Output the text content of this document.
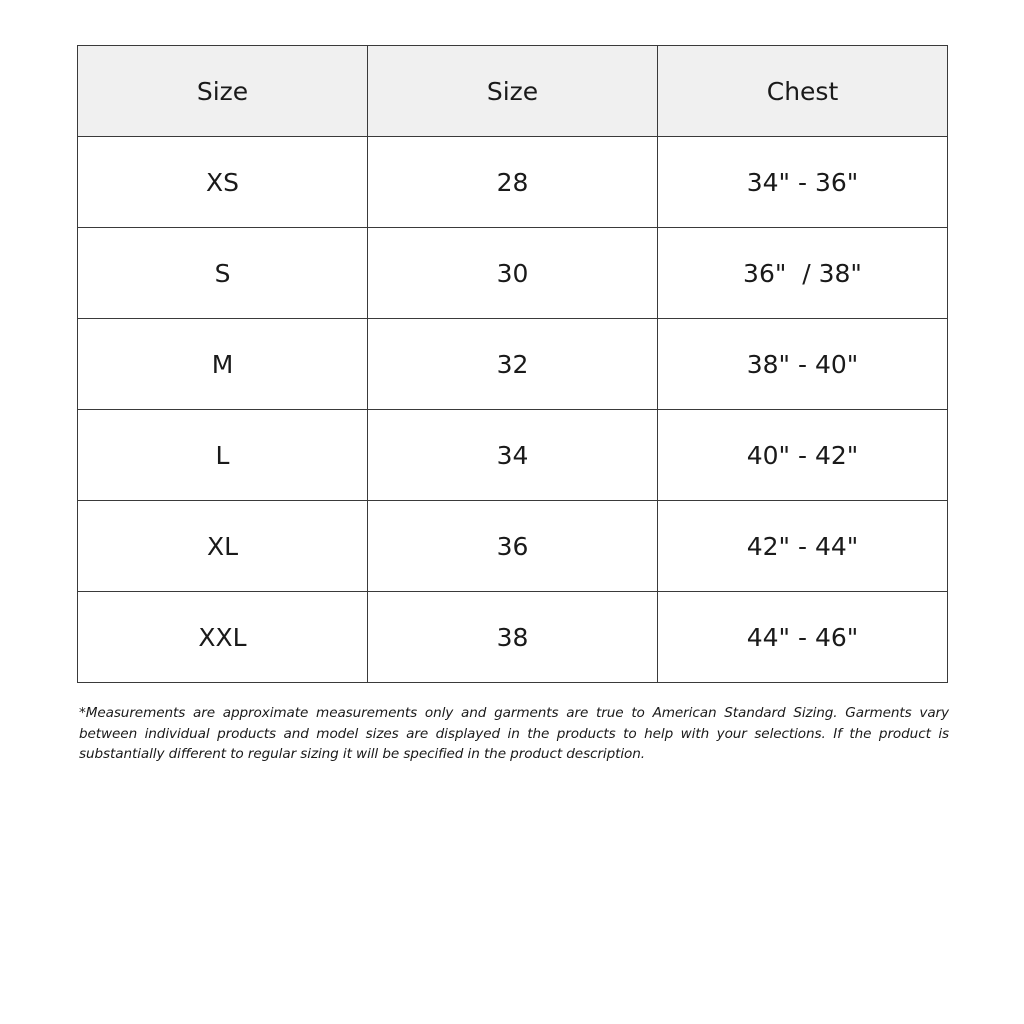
Size	Size	Chest
XS	28	34" - 36"
S	30	36"  / 38"
M	32	38" - 40"
L	34	40" - 42"
XL	36	42" - 44"
XXL	38	44" - 46"

*Measurements are approximate measurements only and garments are true to American Standard Sizing. Garments vary between individual products and model sizes are displayed in the products to help with your selections. If the product is substantially different to regular sizing it will be specified in the product description.
